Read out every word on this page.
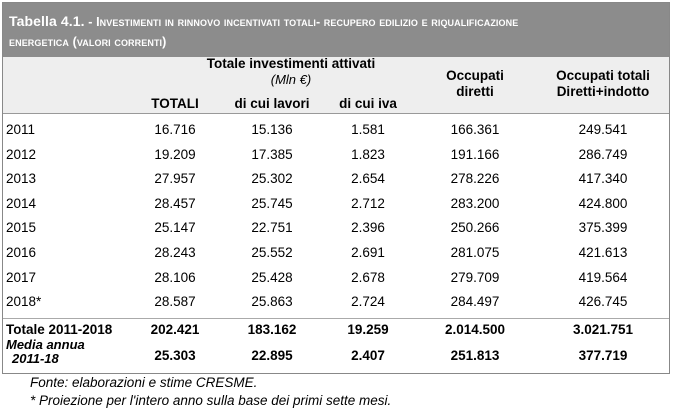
Tabella 4.1. - Investimenti in rinnovo incentivati totali- recupero edilizio e riqualificazione
energetica (valori correnti)
Totale investimenti attivati
(Mln €)
TOTALI	di cui lavori	di cui iva
Occupati
diretti
Occupati totali
Diretti+indotto
2011	16.716	15.136	1.581	166.361	249.541
2012	19.209	17.385	1.823	191.166	286.749
2013	27.957	25.302	2.654	278.226	417.340
2014	28.457	25.745	2.712	283.200	424.800
2015	25.147	22.751	2.396	250.266	375.399
2016	28.243	25.552	2.691	281.075	421.613
2017	28.106	25.428	2.678	279.709	419.564
2018*	28.587	25.863	2.724	284.497	426.745
Totale 2011-2018	202.421	183.162	19.259	2.014.500	3.021.751
Media annua
2011-18	25.303	22.895	2.407	251.813	377.719
Fonte: elaborazioni e stime CRESME.
* Proiezione per l'intero anno sulla base dei primi sette mesi.
